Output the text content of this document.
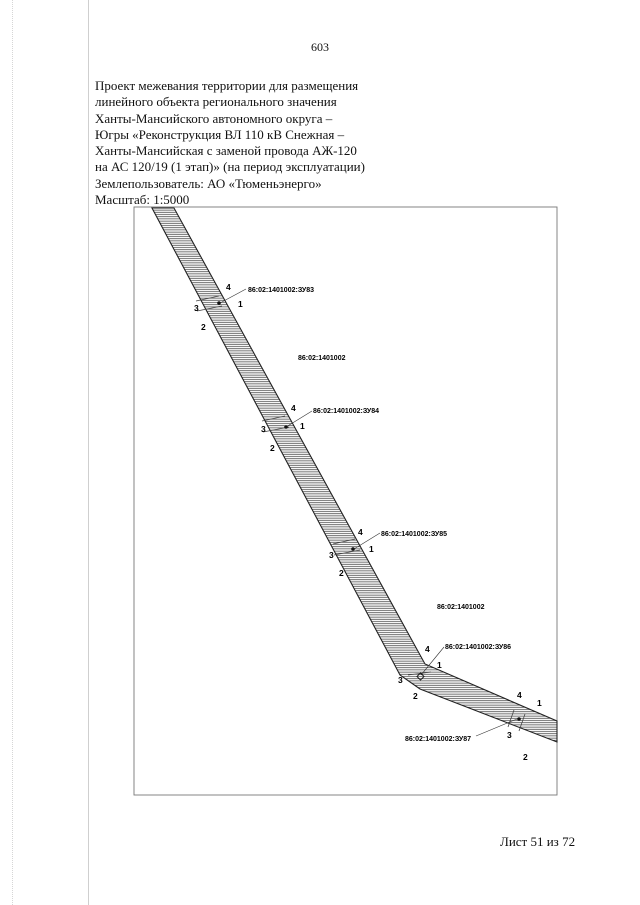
603
Проект межевания территории для размещения
линейного объекта регионального значения
Ханты-Мансийского автономного округа –
Югры «Реконструкция ВЛ 110 кВ Снежная –
Ханты-Мансийская с заменой провода АЖ-120
на АС 120/19 (1 этап)» (на период эксплуатации)
Землепользователь: АО «Тюменьэнерго»
Масштаб: 1:5000
86:02:1401002
86:02:1401002
86:02:1401002:ЗУ83
4
1
3
2
86:02:1401002:ЗУ84
4
1
3
2
86:02:1401002:ЗУ85
4
1
3
2
86:02:1401002:ЗУ86
4
1
3
2
86:02:1401002:ЗУ87
4
1
3
2
Лист 51 из 72
